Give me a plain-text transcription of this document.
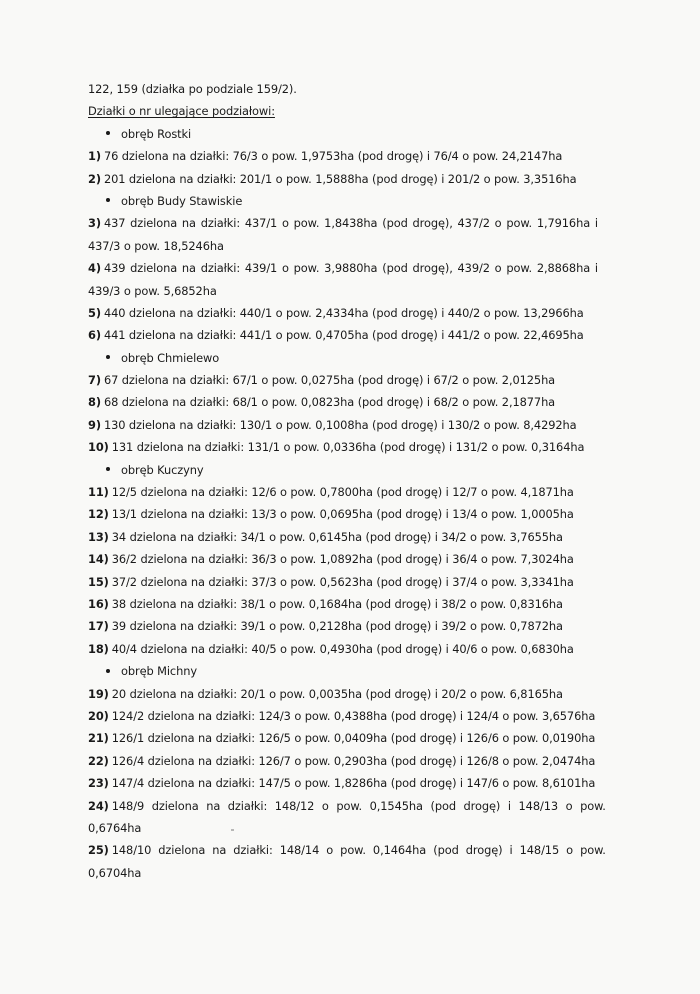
122, 159 (działka po podziale 159/2).
Działki o nr ulegające podziałowi:
obręb Rostki
1) 76 dzielona na działki: 76/3 o pow. 1,9753ha (pod drogę) i 76/4 o pow. 24,2147ha
2) 201 dzielona na działki: 201/1 o pow. 1,5888ha (pod drogę) i 201/2 o pow. 3,3516ha
obręb Budy Stawiskie
3) 437 dzielona na działki: 437/1 o pow. 1,8438ha (pod drogę), 437/2 o pow. 1,7916ha i
437/3 o pow. 18,5246ha
4) 439 dzielona na działki: 439/1 o pow. 3,9880ha (pod drogę), 439/2 o pow. 2,8868ha i
439/3 o pow. 5,6852ha
5) 440 dzielona na działki: 440/1 o pow. 2,4334ha (pod drogę) i 440/2 o pow. 13,2966ha
6) 441 dzielona na działki: 441/1 o pow. 0,4705ha (pod drogę) i 441/2 o pow. 22,4695ha
obręb Chmielewo
7) 67 dzielona na działki: 67/1 o pow. 0,0275ha (pod drogę) i 67/2 o pow. 2,0125ha
8) 68 dzielona na działki: 68/1 o pow. 0,0823ha (pod drogę) i 68/2 o pow. 2,1877ha
9) 130 dzielona na działki: 130/1 o pow. 0,1008ha (pod drogę) i 130/2 o pow. 8,4292ha
10) 131 dzielona na działki: 131/1 o pow. 0,0336ha (pod drogę) i 131/2 o pow. 0,3164ha
obręb Kuczyny
11) 12/5 dzielona na działki: 12/6 o pow. 0,7800ha (pod drogę) i 12/7 o pow. 4,1871ha
12) 13/1 dzielona na działki: 13/3 o pow. 0,0695ha (pod drogę) i 13/4 o pow. 1,0005ha
13) 34 dzielona na działki: 34/1 o pow. 0,6145ha (pod drogę) i 34/2 o pow. 3,7655ha
14) 36/2 dzielona na działki: 36/3 o pow. 1,0892ha (pod drogę) i 36/4 o pow. 7,3024ha
15) 37/2 dzielona na działki: 37/3 o pow. 0,5623ha (pod drogę) i 37/4 o pow. 3,3341ha
16) 38 dzielona na działki: 38/1 o pow. 0,1684ha (pod drogę) i 38/2 o pow. 0,8316ha
17) 39 dzielona na działki: 39/1 o pow. 0,2128ha (pod drogę) i 39/2 o pow. 0,7872ha
18) 40/4 dzielona na działki: 40/5 o pow. 0,4930ha (pod drogę) i 40/6 o pow. 0,6830ha
obręb Michny
19) 20 dzielona na działki: 20/1 o pow. 0,0035ha (pod drogę) i 20/2 o pow. 6,8165ha
20) 124/2 dzielona na działki: 124/3 o pow. 0,4388ha (pod drogę) i 124/4 o pow. 3,6576ha
21) 126/1 dzielona na działki: 126/5 o pow. 0,0409ha (pod drogę) i 126/6 o pow. 0,0190ha
22) 126/4 dzielona na działki: 126/7 o pow. 0,2903ha (pod drogę) i 126/8 o pow. 2,0474ha
23) 147/4 dzielona na działki: 147/5 o pow. 1,8286ha (pod drogę) i 147/6 o pow. 8,6101ha
24) 148/9 dzielona na działki: 148/12 o pow. 0,1545ha (pod drogę) i 148/13 o pow.
0,6764ha
25) 148/10 dzielona na działki: 148/14 o pow. 0,1464ha (pod drogę) i 148/15 o pow.
0,6704ha
